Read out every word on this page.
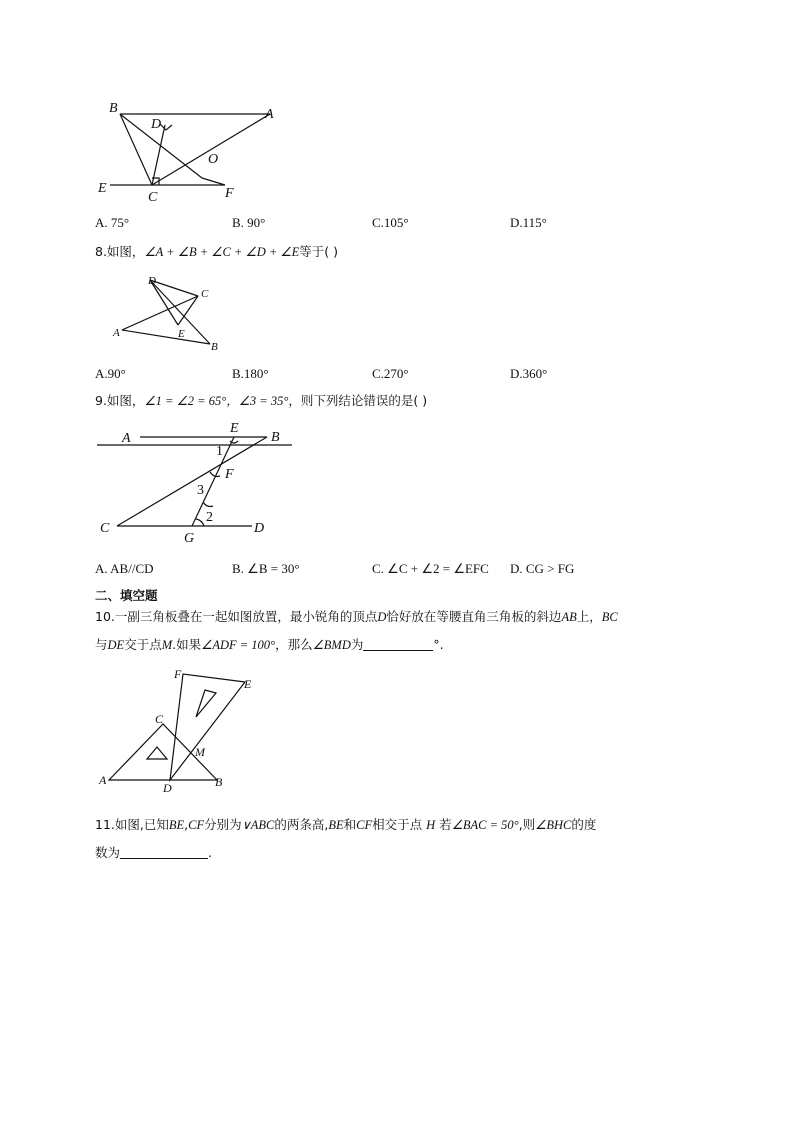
B	A
D
O
E
C	F
A. 75°	B. 90°	C.105°	D.115°
8.如图，∠A + ∠B + ∠C + ∠D + ∠E等于( )
D
C
A	E
B
A.90°	B.180°	C.270°	D.360°
9.如图，∠1 = ∠2 = 65°，∠3 = 35°，则下列结论错误的是( )
A
E
B
1
F
3
2
C
G
D
A. AB//CD	B. ∠B = 30°	C. ∠C + ∠2 = ∠EFC D. CG > FG
二、填空题
10.一副三角板叠在一起如图放置，最小锐角的顶点D恰好放在等腰直角三角板的斜边AB上，BC
与DE交于点M.如果∠ADF = 100°，那么∠BMD为	°.
F
E
C
M
A
D	B
11.如图,已知BE,CF分别为∨ABC的两条高,BE和CF相交于点 H 若∠BAC = 50°,则∠BHC的度
数为	.
